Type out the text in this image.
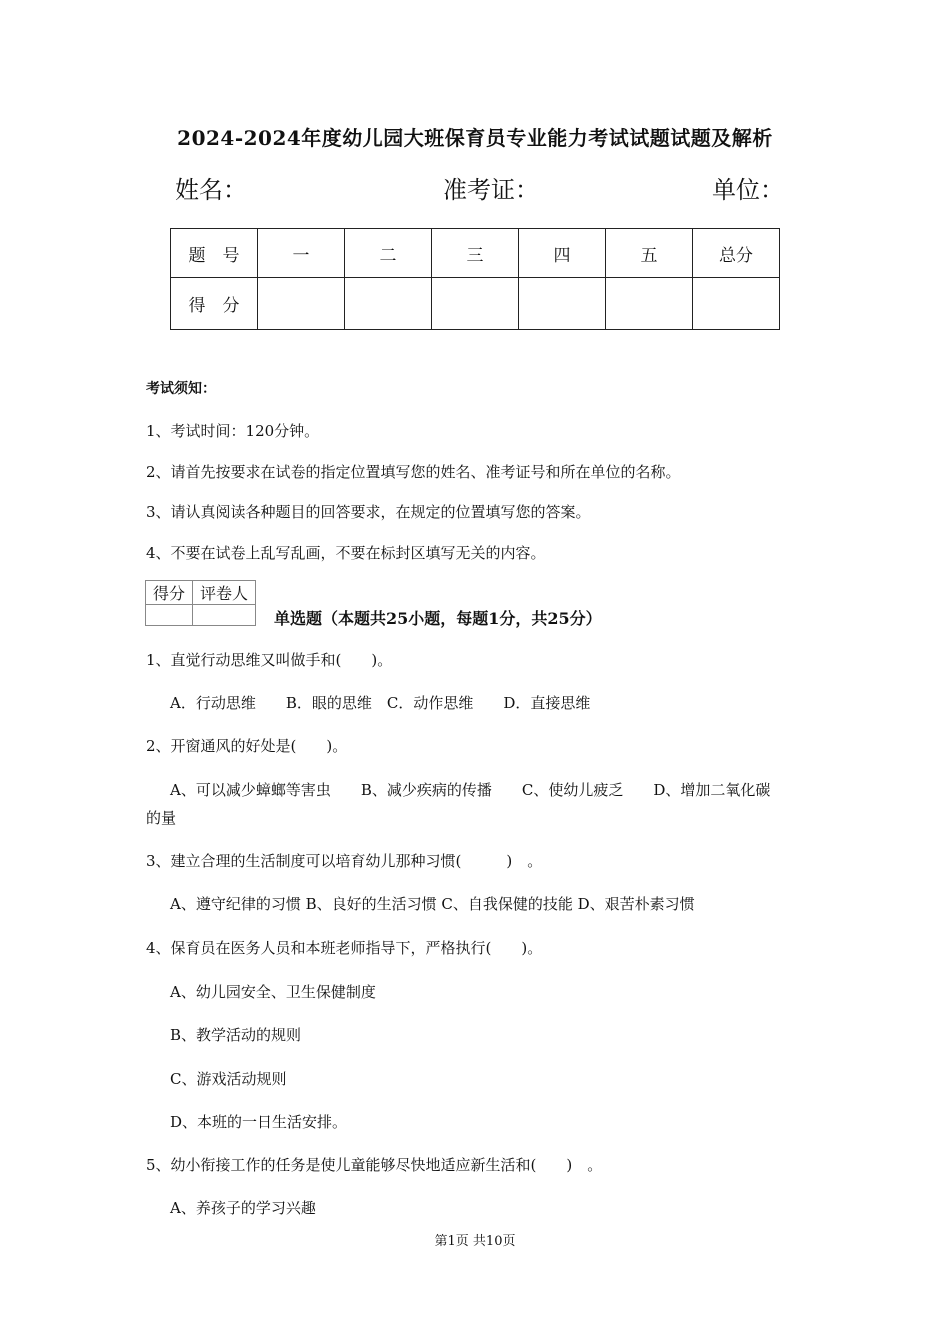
2024-2024年度幼儿园大班保育员专业能力考试试题试题及解析
姓名：	准考证：	单位：
题　号	一	二	三	四	五	总分
得　分						
考试须知：
1、考试时间：120分钟。
2、请首先按要求在试卷的指定位置填写您的姓名、准考证号和所在单位的名称。
3、请认真阅读各种题目的回答要求，在规定的位置填写您的答案。
4、不要在试卷上乱写乱画，不要在标封区填写无关的内容。
得分	评卷人

单选题（本题共25小题，每题1分，共25分）
1、直觉行动思维又叫做手和(　　)。
A．行动思维　　B．眼的思维　C．动作思维　　D．直接思维
2、开窗通风的好处是(　　)。
A、可以减少蟑螂等害虫　　B、减少疾病的传播　　C、使幼儿疲乏　　D、增加二氧化碳
的量
3、建立合理的生活制度可以培育幼儿那种习惯(　　　)　。
A、遵守纪律的习惯 B、良好的生活习惯 C、自我保健的技能 D、艰苦朴素习惯
4、保育员在医务人员和本班老师指导下，严格执行(　　)。
A、幼儿园安全、卫生保健制度
B、教学活动的规则
C、游戏活动规则
D、本班的一日生活安排。
5、幼小衔接工作的任务是使儿童能够尽快地适应新生活和(　　)　。
A、养孩子的学习兴趣
第1页 共10页
